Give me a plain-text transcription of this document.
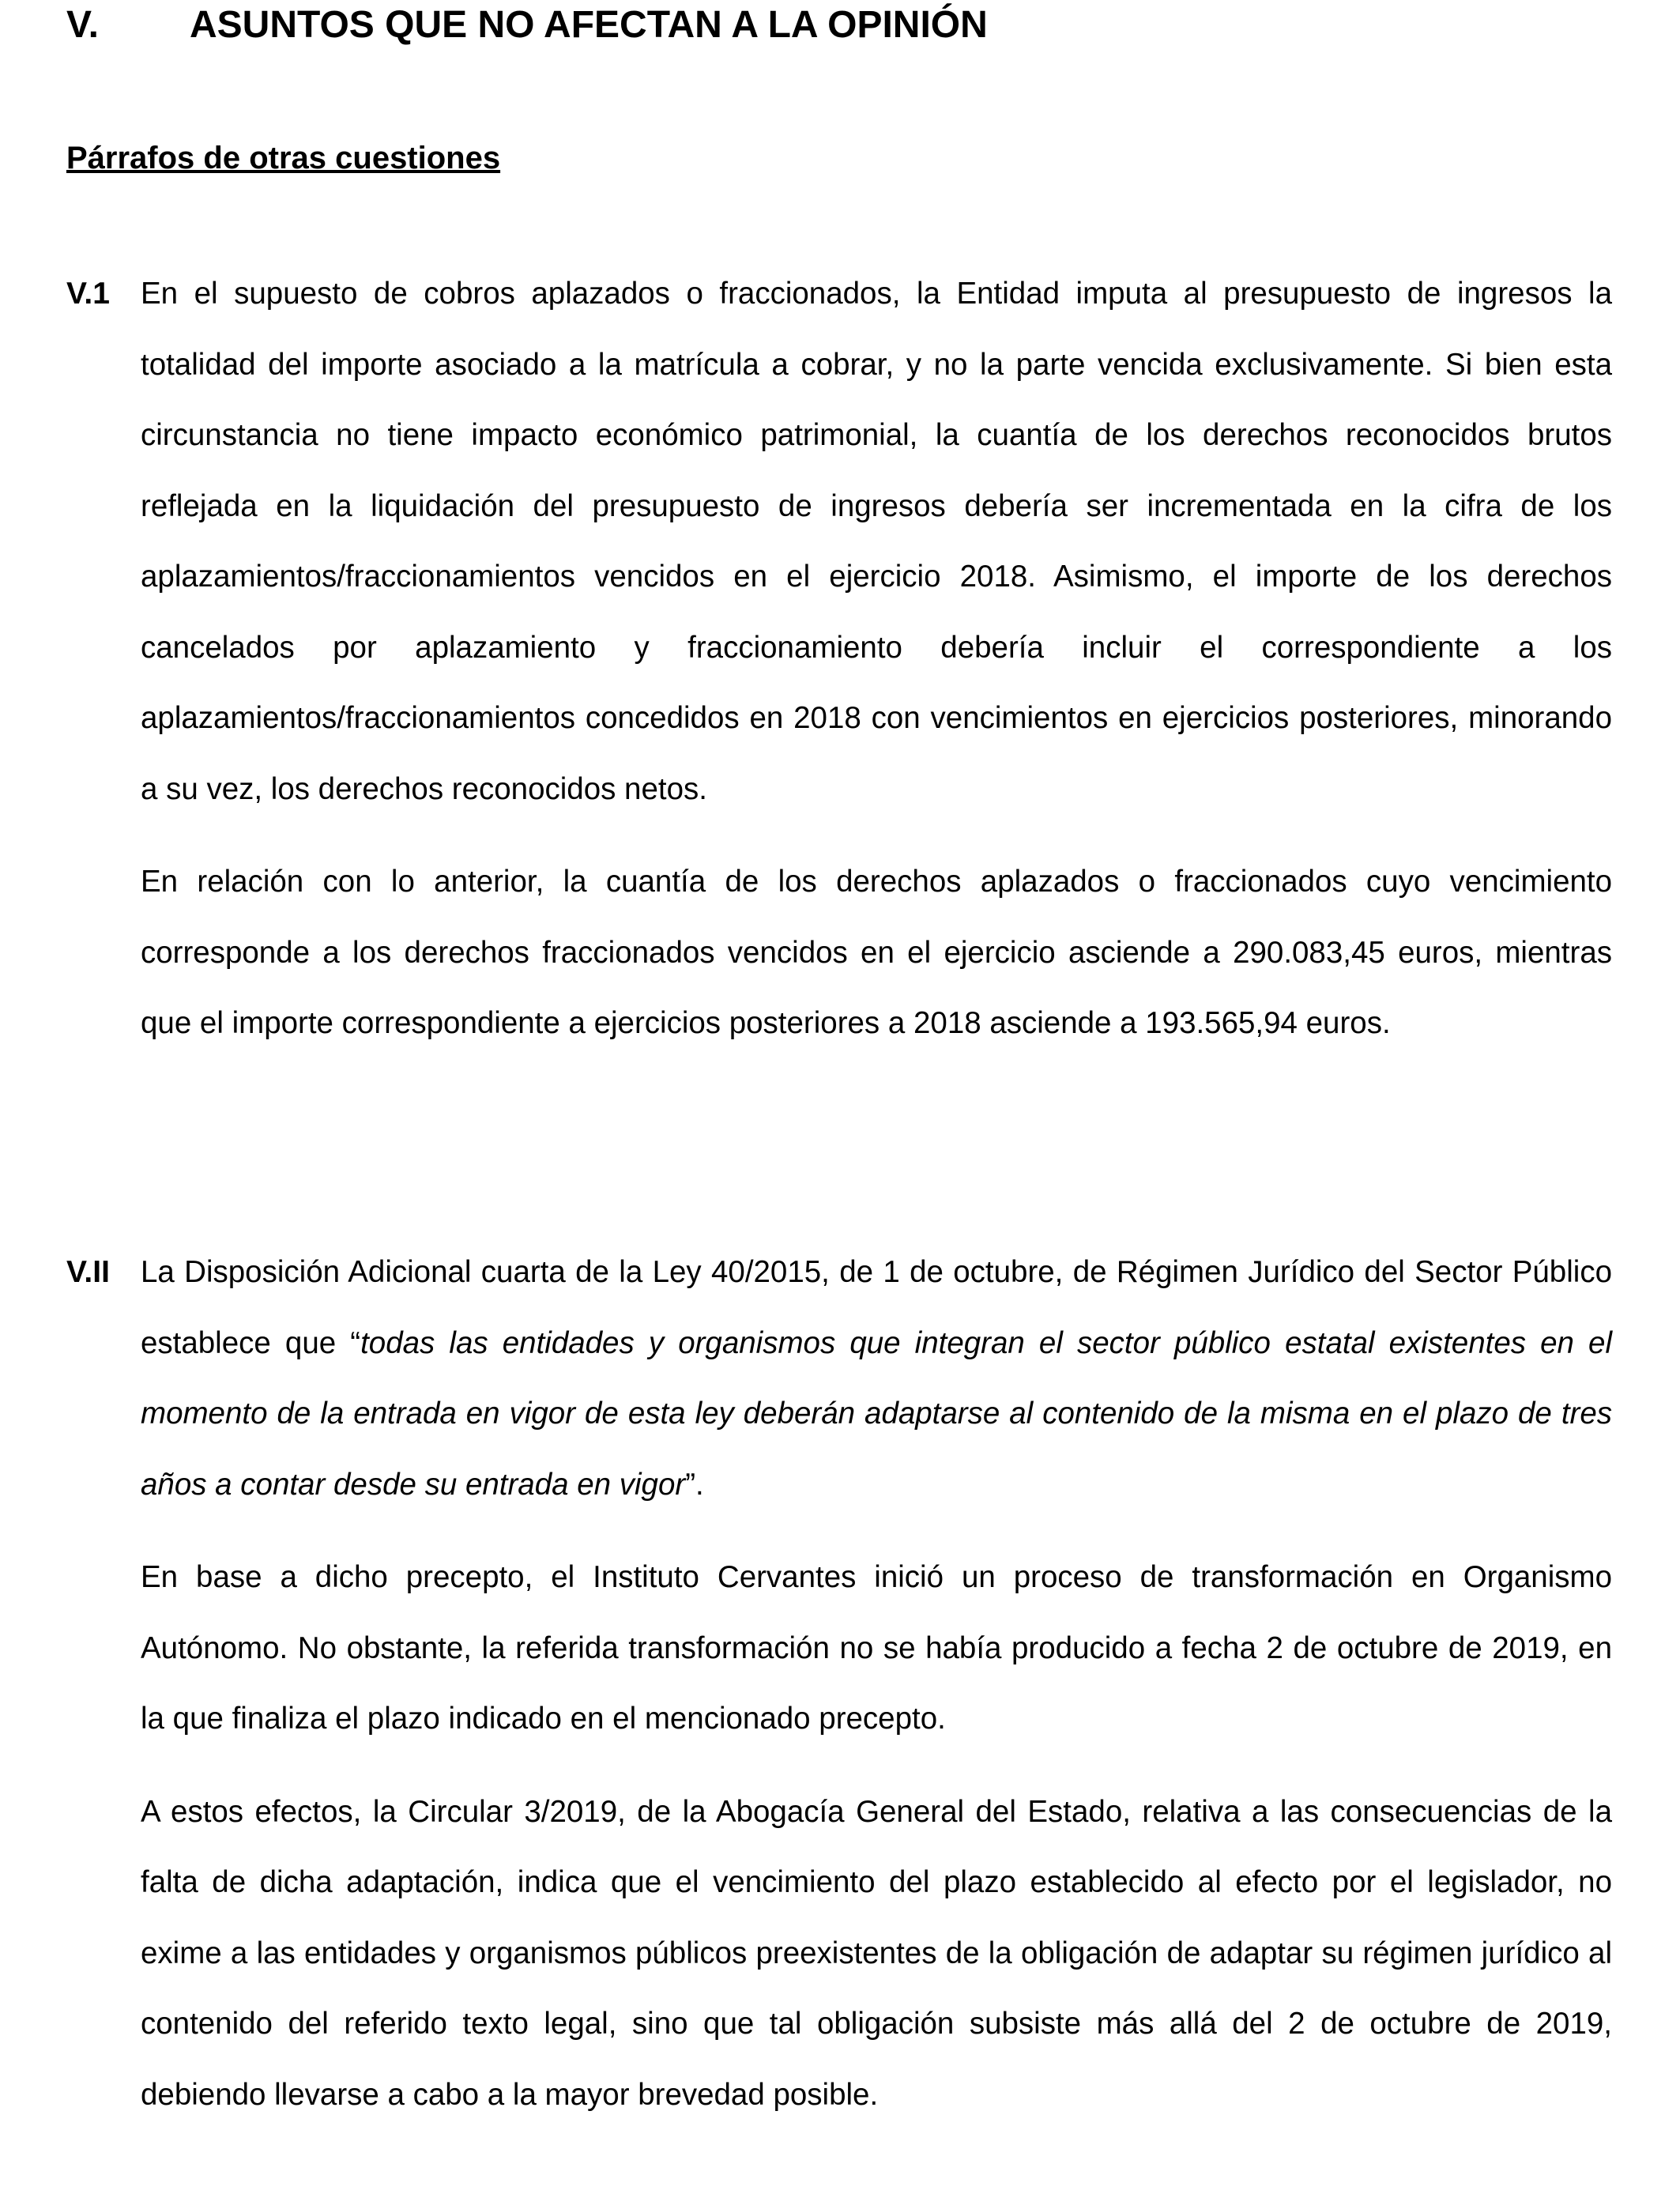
V. ASUNTOS QUE NO AFECTAN A LA OPINIÓN
Párrafos de otras cuestiones
V.1 En el supuesto de cobros aplazados o fraccionados, la Entidad imputa al presupuesto de ingresos la totalidad del importe asociado a la matrícula a cobrar, y no la parte vencida exclusivamente. Si bien esta circunstancia no tiene impacto económico patrimonial, la cuantía de los derechos reconocidos brutos reflejada en la liquidación del presupuesto de ingresos debería ser incrementada en la cifra de los aplazamientos/fraccionamientos vencidos en el ejercicio 2018. Asimismo, el importe de los derechos cancelados por aplazamiento y fraccionamiento debería incluir el correspondiente a los aplazamientos/fraccionamientos concedidos en 2018 con vencimientos en ejercicios posteriores, minorando a su vez, los derechos reconocidos netos.

En relación con lo anterior, la cuantía de los derechos aplazados o fraccionados cuyo vencimiento corresponde a los derechos fraccionados vencidos en el ejercicio asciende a 290.083,45 euros, mientras que el importe correspondiente a ejercicios posteriores a 2018 asciende a 193.565,94 euros.

V.II La Disposición Adicional cuarta de la Ley 40/2015, de 1 de octubre, de Régimen Jurídico del Sector Público establece que “todas las entidades y organismos que integran el sector público estatal existentes en el momento de la entrada en vigor de esta ley deberán adaptarse al contenido de la misma en el plazo de tres años a contar desde su entrada en vigor”.

En base a dicho precepto, el Instituto Cervantes inició un proceso de transformación en Organismo Autónomo. No obstante, la referida transformación no se había producido a fecha 2 de octubre de 2019, en la que finaliza el plazo indicado en el mencionado precepto.

A estos efectos, la Circular 3/2019, de la Abogacía General del Estado, relativa a las consecuencias de la falta de dicha adaptación, indica que el vencimiento del plazo establecido al efecto por el legislador, no exime a las entidades y organismos públicos preexistentes de la obligación de adaptar su régimen jurídico al contenido del referido texto legal, sino que tal obligación subsiste más allá del 2 de octubre de 2019, debiendo llevarse a cabo a la mayor brevedad posible.
